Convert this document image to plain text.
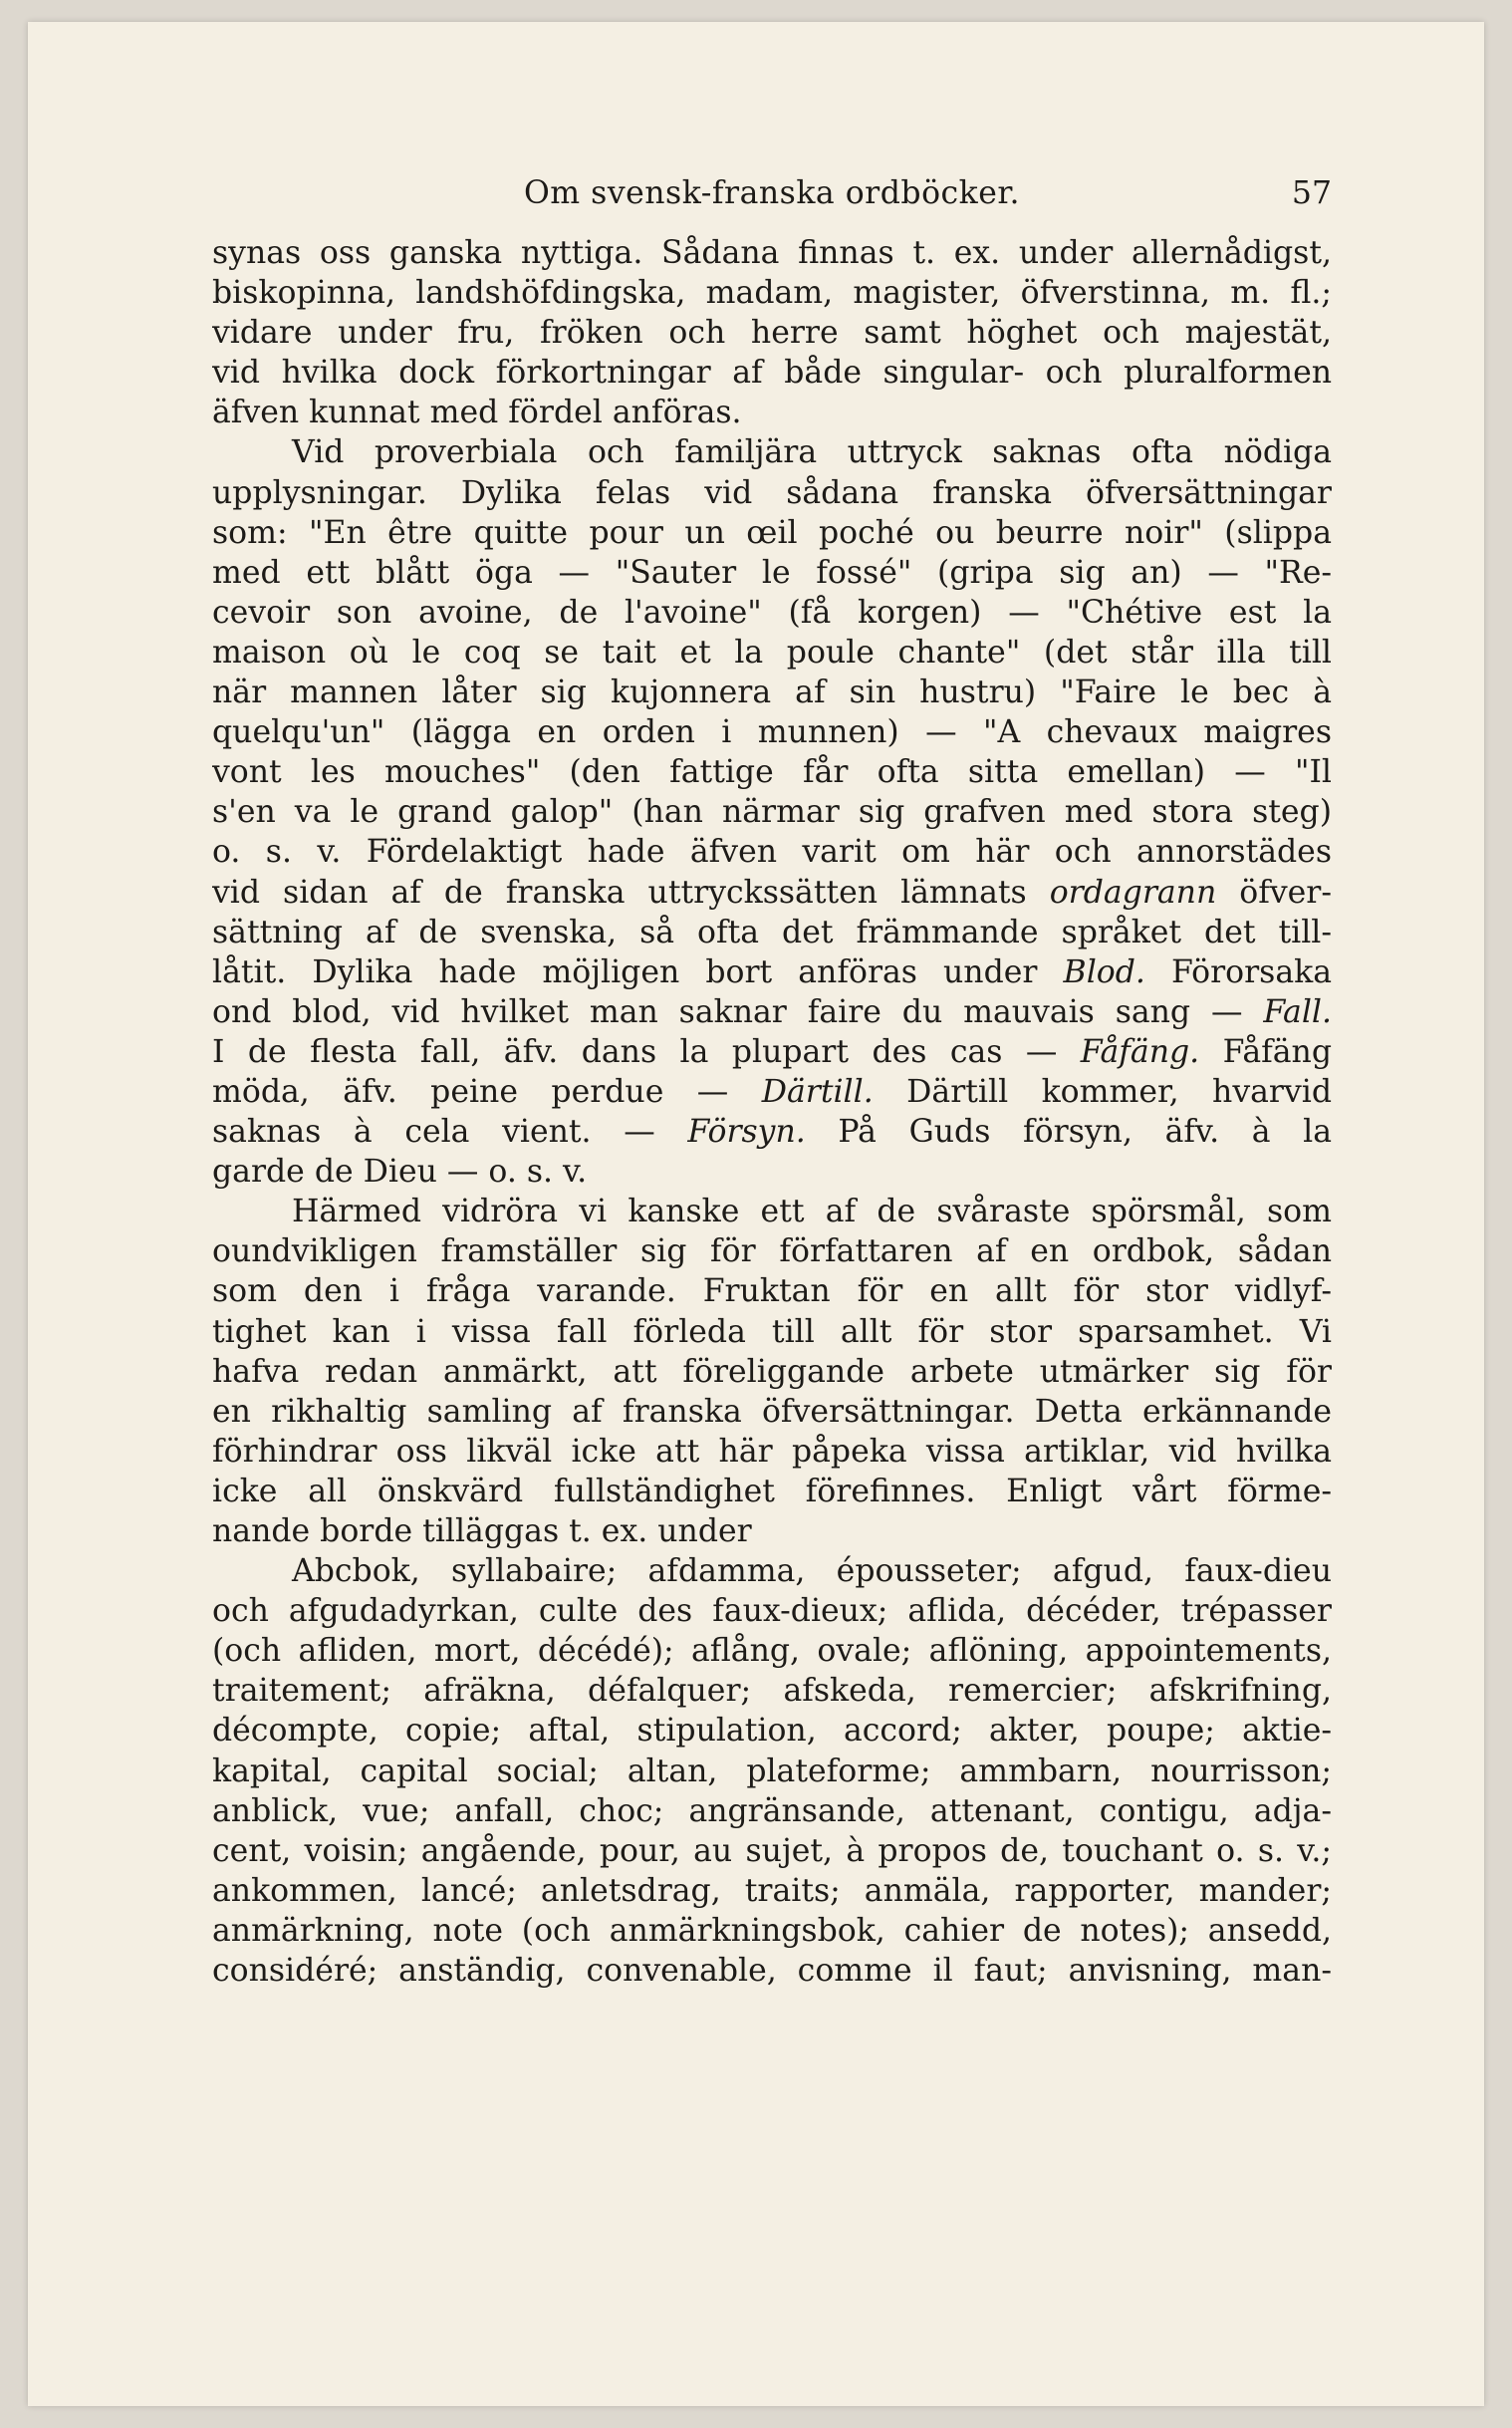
Om svensk-franska ordböcker.	57
synas oss ganska nyttiga. Sådana finnas t. ex. under allernådigst,
biskopinna, landshöfdingska, madam, magister, öfverstinna, m. fl.;
vidare under fru, fröken och herre samt höghet och majestät,
vid hvilka dock förkortningar af både singular- och pluralformen
äfven kunnat med fördel anföras.
Vid proverbiala och familjära uttryck saknas ofta nödiga
upplysningar. Dylika felas vid sådana franska öfversättningar
som: "En être quitte pour un œil poché ou beurre noir" (slippa
med ett blått öga — "Sauter le fossé" (gripa sig an) — "Re-
cevoir son avoine, de l'avoine" (få korgen) — "Chétive est la
maison où le coq se tait et la poule chante" (det står illa till
när mannen låter sig kujonnera af sin hustru) "Faire le bec à
quelqu'un" (lägga en orden i munnen) — "A chevaux maigres
vont les mouches" (den fattige får ofta sitta emellan) — "Il
s'en va le grand galop" (han närmar sig grafven med stora steg)
o. s. v. Fördelaktigt hade äfven varit om här och annorstädes
vid sidan af de franska uttryckssätten lämnats ordagrann öfver-
sättning af de svenska, så ofta det främmande språket det till-
låtit. Dylika hade möjligen bort anföras under Blod. Förorsaka
ond blod, vid hvilket man saknar faire du mauvais sang — Fall.
I de flesta fall, äfv. dans la plupart des cas — Fåfäng. Fåfäng
möda, äfv. peine perdue — Därtill. Därtill kommer, hvarvid
saknas à cela vient. — Försyn. På Guds försyn, äfv. à la
garde de Dieu — o. s. v.
Härmed vidröra vi kanske ett af de svåraste spörsmål, som
oundvikligen framställer sig för författaren af en ordbok, sådan
som den i fråga varande. Fruktan för en allt för stor vidlyf-
tighet kan i vissa fall förleda till allt för stor sparsamhet. Vi
hafva redan anmärkt, att föreliggande arbete utmärker sig för
en rikhaltig samling af franska öfversättningar. Detta erkännande
förhindrar oss likväl icke att här påpeka vissa artiklar, vid hvilka
icke all önskvärd fullständighet förefinnes. Enligt vårt förme-
nande borde tilläggas t. ex. under
Abcbok, syllabaire; afdamma, épousseter; afgud, faux-dieu
och afgudadyrkan, culte des faux-dieux; aflida, décéder, trépasser
(och afliden, mort, décédé); aflång, ovale; aflöning, appointements,
traitement; afräkna, défalquer; afskeda, remercier; afskrifning,
décompte, copie; aftal, stipulation, accord; akter, poupe; aktie-
kapital, capital social; altan, plateforme; ammbarn, nourrisson;
anblick, vue; anfall, choc; angränsande, attenant, contigu, adja-
cent, voisin; angående, pour, au sujet, à propos de, touchant o. s. v.;
ankommen, lancé; anletsdrag, traits; anmäla, rapporter, mander;
anmärkning, note (och anmärkningsbok, cahier de notes); ansedd,
considéré; anständig, convenable, comme il faut; anvisning, man-
